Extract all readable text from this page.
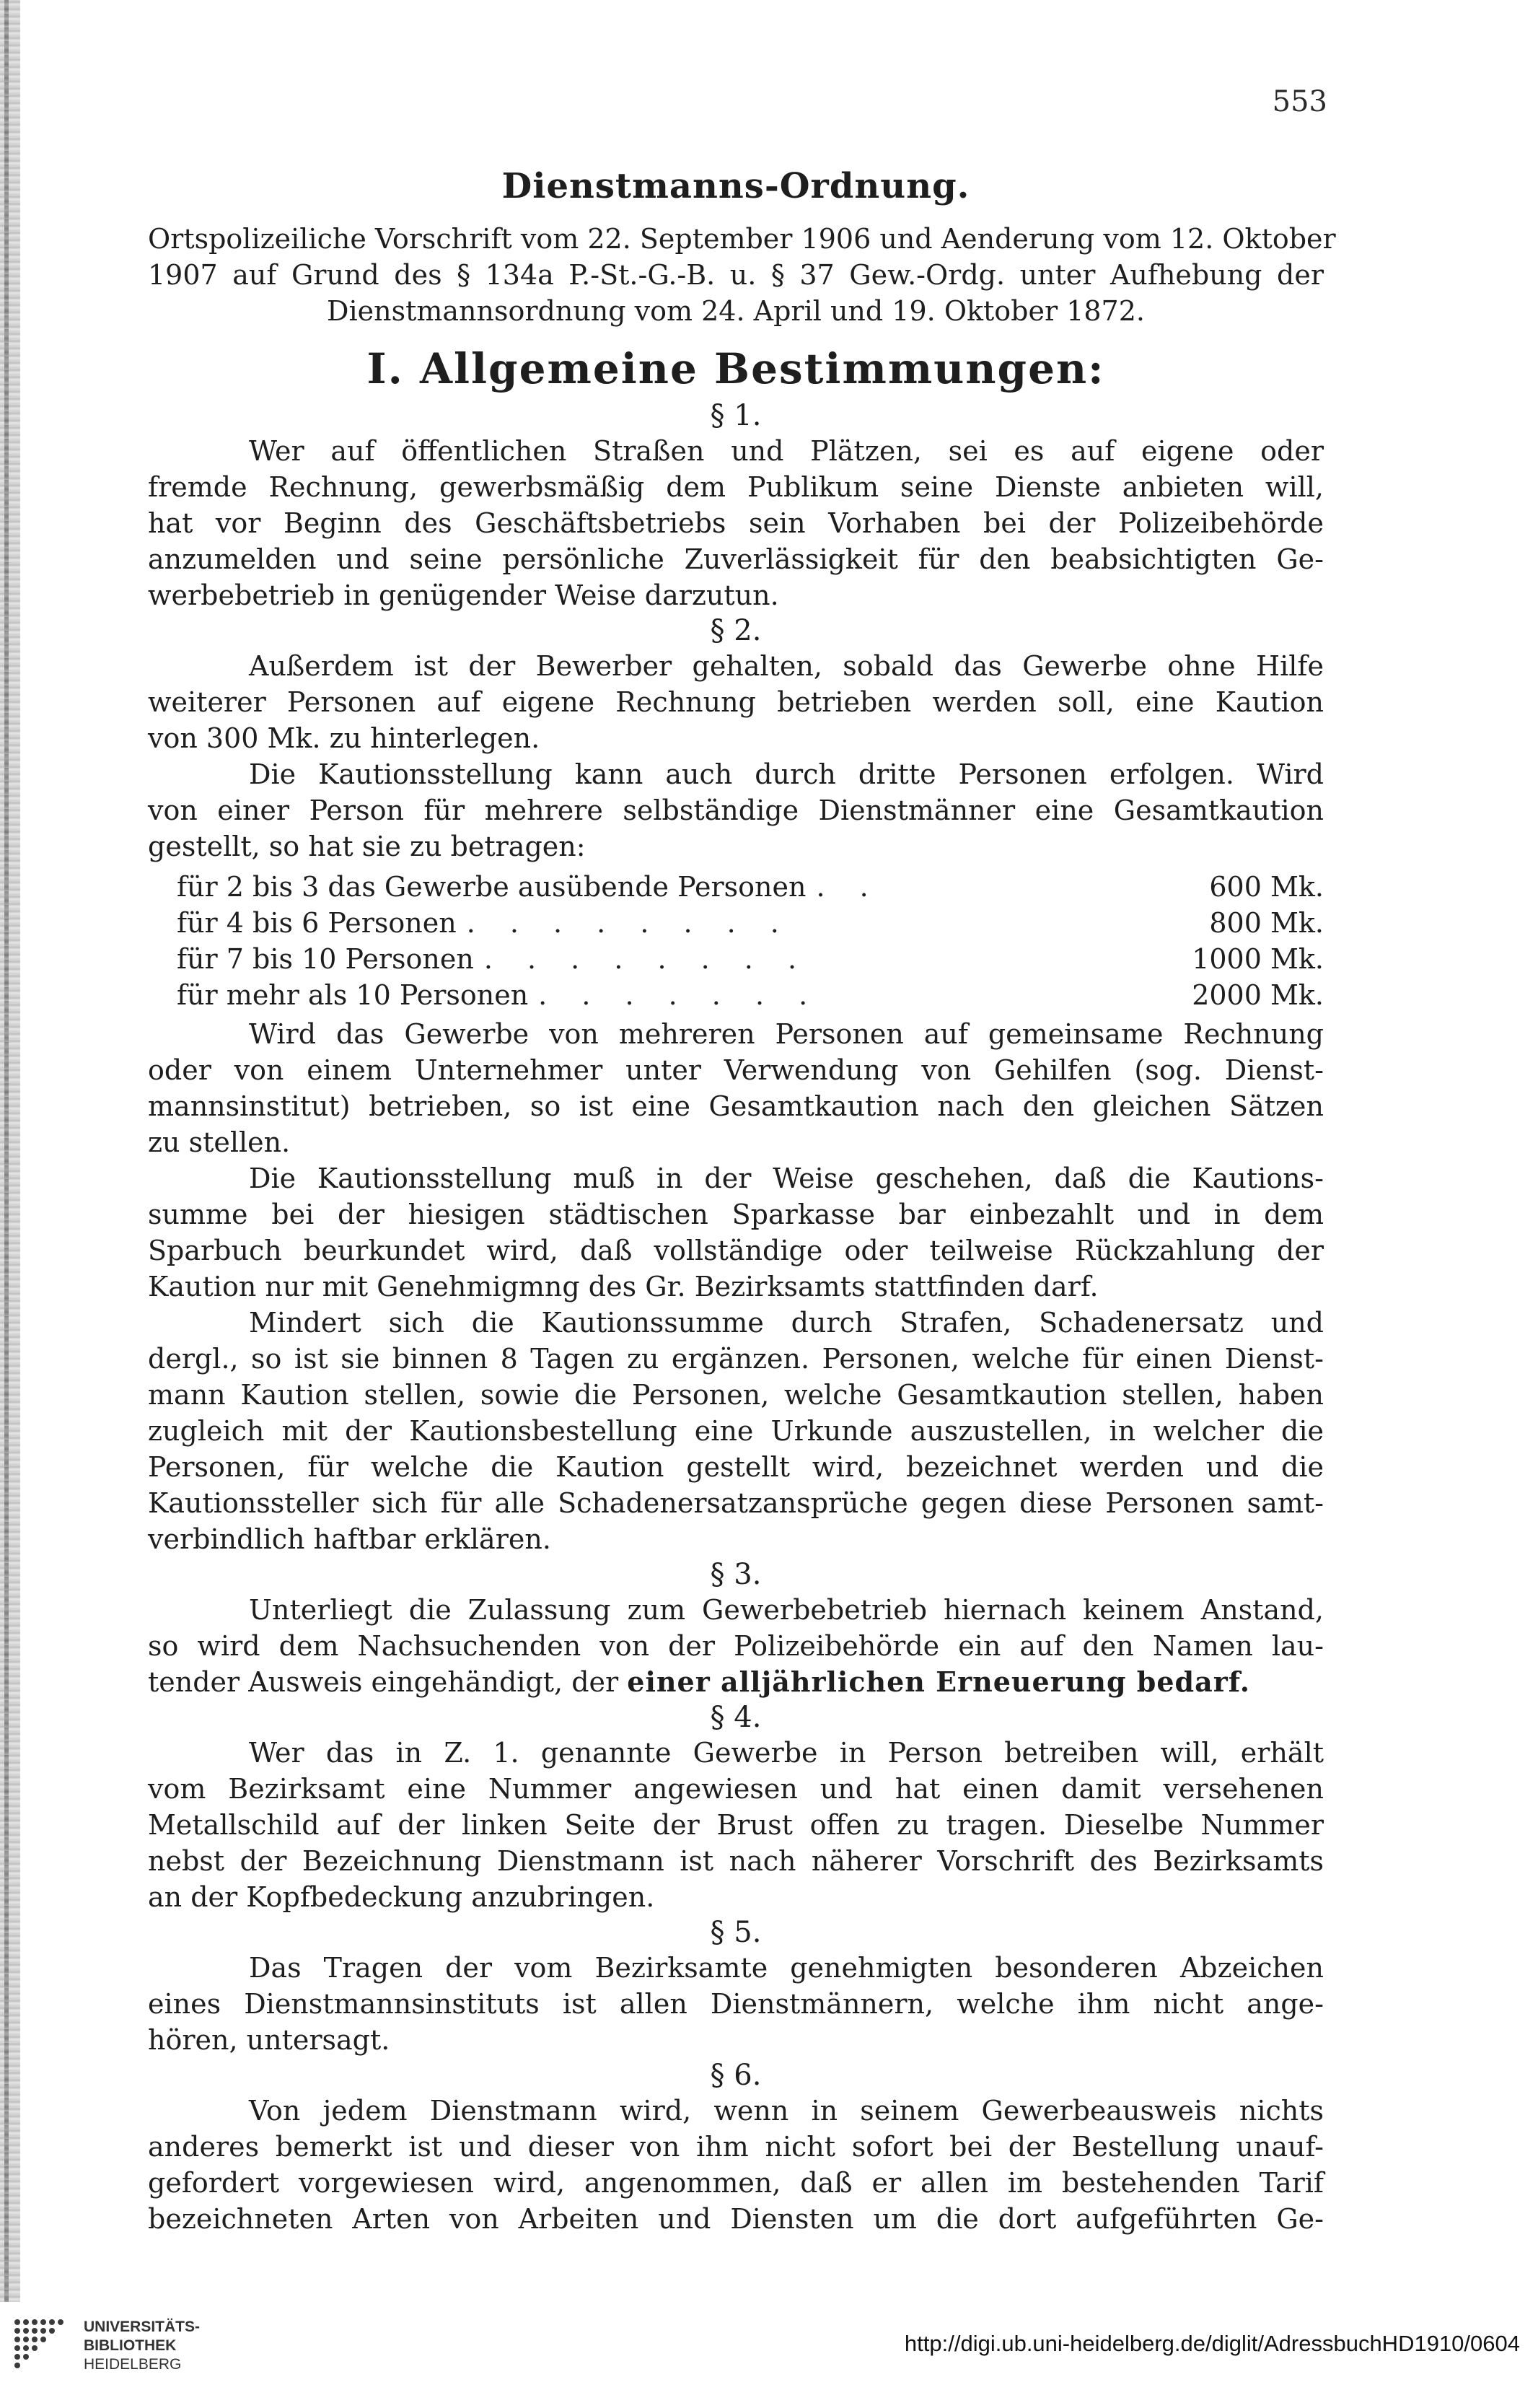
553
Dienstmanns-Ordnung.
Ortspolizeiliche Vorschrift vom 22. September 1906 und Aenderung vom 12. Oktober
1907 auf Grund des § 134a P.-St.-G.-B. u. § 37 Gew.-Ordg. unter Aufhebung der
Dienstmannsordnung vom 24. April und 19. Oktober 1872.
I. Allgemeine Bestimmungen:
§ 1.
Wer auf öffentlichen Straßen und Plätzen, sei es auf eigene oder
fremde Rechnung, gewerbsmäßig dem Publikum seine Dienste anbieten will,
hat vor Beginn des Geschäftsbetriebs sein Vorhaben bei der Polizeibehörde
anzumelden und seine persönliche Zuverlässigkeit für den beabsichtigten Ge-
werbebetrieb in genügender Weise darzutun.
§ 2.
Außerdem ist der Bewerber gehalten, sobald das Gewerbe ohne Hilfe
weiterer Personen auf eigene Rechnung betrieben werden soll, eine Kaution
von 300 Mk. zu hinterlegen.
Die Kautionsstellung kann auch durch dritte Personen erfolgen. Wird
von einer Person für mehrere selbständige Dienstmänner eine Gesamtkaution
gestellt, so hat sie zu betragen:
für 2 bis 3 das Gewerbe ausübende Personen . .	600 Mk.
für 4 bis 6 Personen . . . . . . . .	800 Mk.
für 7 bis 10 Personen . . . . . . . .	1000 Mk.
für mehr als 10 Personen . . . . . . .	2000 Mk.
Wird das Gewerbe von mehreren Personen auf gemeinsame Rechnung
oder von einem Unternehmer unter Verwendung von Gehilfen (sog. Dienst-
mannsinstitut) betrieben, so ist eine Gesamtkaution nach den gleichen Sätzen
zu stellen.
Die Kautionsstellung muß in der Weise geschehen, daß die Kautions-
summe bei der hiesigen städtischen Sparkasse bar einbezahlt und in dem
Sparbuch beurkundet wird, daß vollständige oder teilweise Rückzahlung der
Kaution nur mit Genehmigmng des Gr. Bezirksamts stattfinden darf.
Mindert sich die Kautionssumme durch Strafen, Schadenersatz und
dergl., so ist sie binnen 8 Tagen zu ergänzen. Personen, welche für einen Dienst-
mann Kaution stellen, sowie die Personen, welche Gesamtkaution stellen, haben
zugleich mit der Kautionsbestellung eine Urkunde auszustellen, in welcher die
Personen, für welche die Kaution gestellt wird, bezeichnet werden und die
Kautionssteller sich für alle Schadenersatzansprüche gegen diese Personen samt-
verbindlich haftbar erklären.
§ 3.
Unterliegt die Zulassung zum Gewerbebetrieb hiernach keinem Anstand,
so wird dem Nachsuchenden von der Polizeibehörde ein auf den Namen lau-
tender Ausweis eingehändigt, der einer alljährlichen Erneuerung bedarf.
§ 4.
Wer das in Z. 1. genannte Gewerbe in Person betreiben will, erhält
vom Bezirksamt eine Nummer angewiesen und hat einen damit versehenen
Metallschild auf der linken Seite der Brust offen zu tragen. Dieselbe Nummer
nebst der Bezeichnung Dienstmann ist nach näherer Vorschrift des Bezirksamts
an der Kopfbedeckung anzubringen.
§ 5.
Das Tragen der vom Bezirksamte genehmigten besonderen Abzeichen
eines Dienstmannsinstituts ist allen Dienstmännern, welche ihm nicht ange-
hören, untersagt.
§ 6.
Von jedem Dienstmann wird, wenn in seinem Gewerbeausweis nichts
anderes bemerkt ist und dieser von ihm nicht sofort bei der Bestellung unauf-
gefordert vorgewiesen wird, angenommen, daß er allen im bestehenden Tarif
bezeichneten Arten von Arbeiten und Diensten um die dort aufgeführten Ge-
UNIVERSITÄTS-
BIBLIOTHEK
HEIDELBERG
http://digi.ub.uni-heidelberg.de/diglit/AdressbuchHD1910/0604
